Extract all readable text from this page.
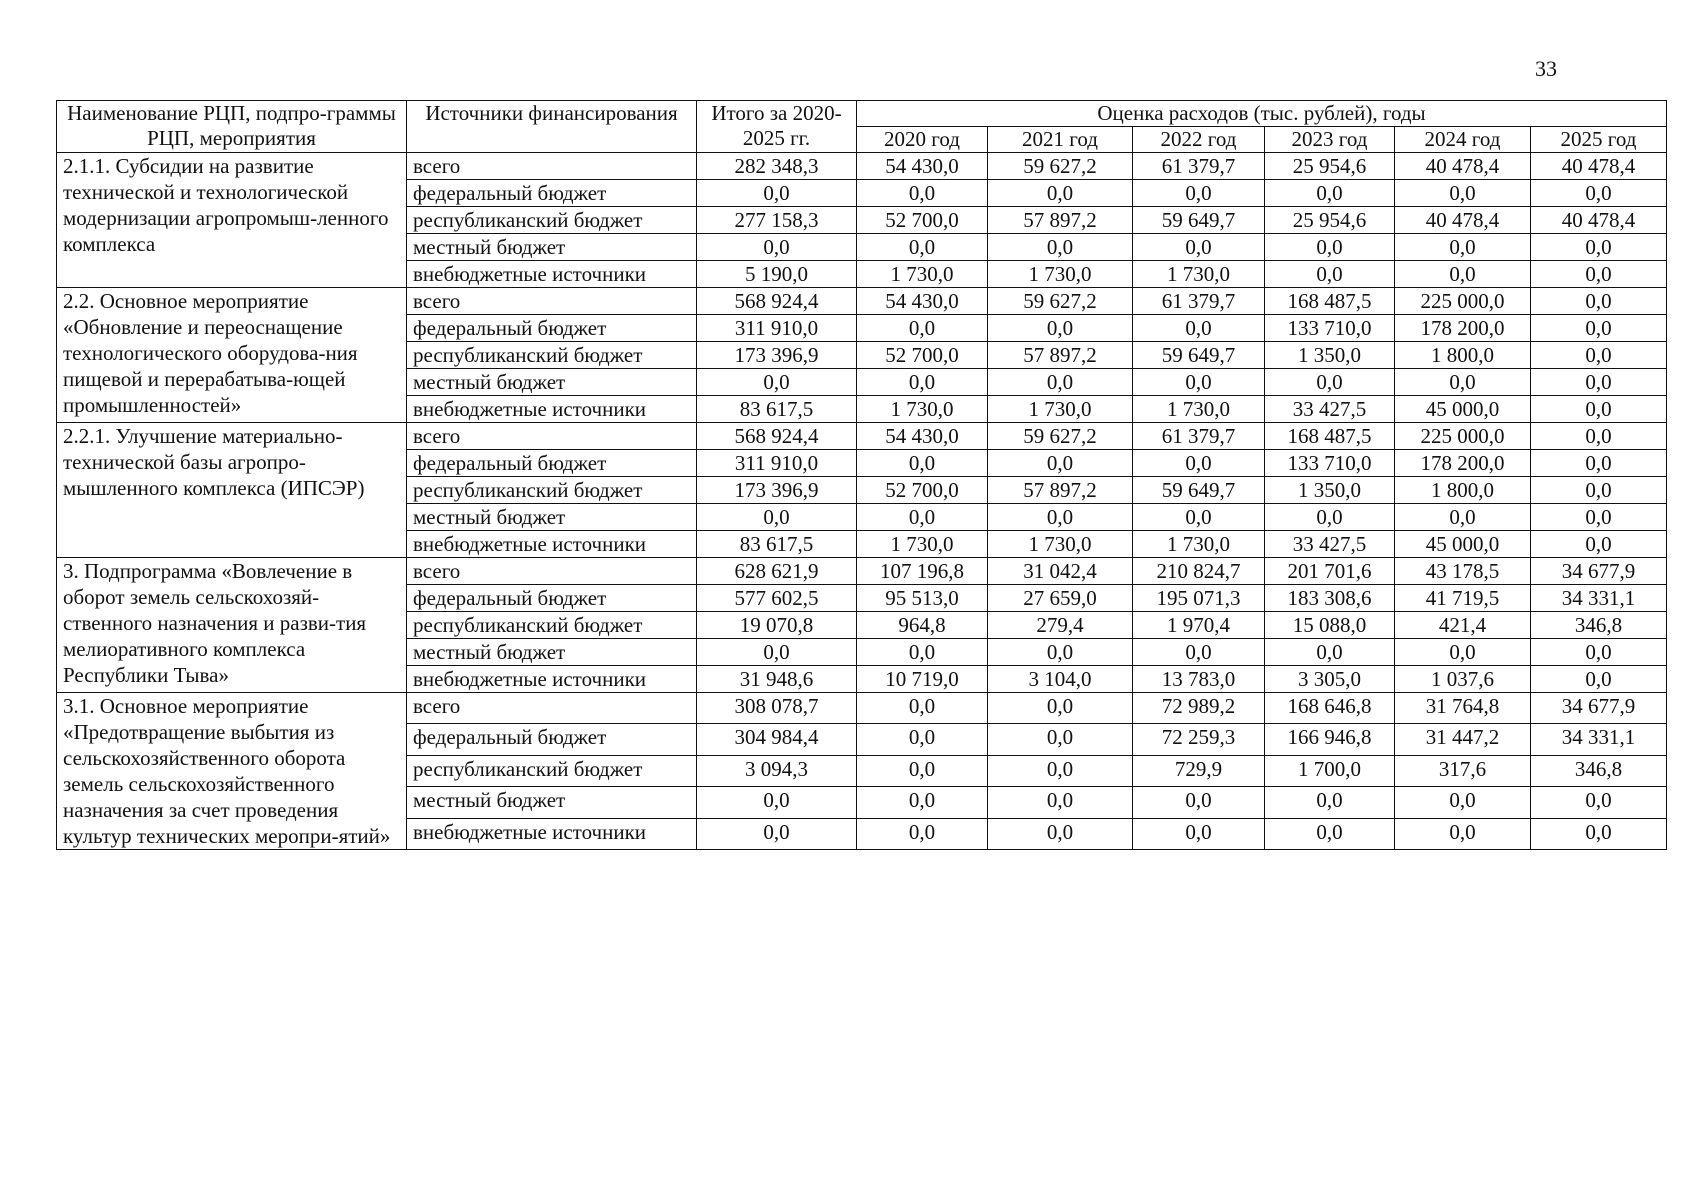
33
Наименование РЦП, подпро-граммы РЦП, мероприятия	Источники финансирования	Итого за 2020-2025 гг.	Оценка расходов (тыс. рублей), годы					
			2020 год	2021 год	2022 год	2023 год	2024 год	2025 год
2.1.1. Субсидии на развитие технической и технологической модернизации агропромыш-ленного комплекса	всего	282 348,3	54 430,0	59 627,2	61 379,7	25 954,6	40 478,4	40 478,4
	федеральный бюджет	0,0	0,0	0,0	0,0	0,0	0,0	0,0
	республиканский бюджет	277 158,3	52 700,0	57 897,2	59 649,7	25 954,6	40 478,4	40 478,4
	местный бюджет	0,0	0,0	0,0	0,0	0,0	0,0	0,0
	внебюджетные источники	5 190,0	1 730,0	1 730,0	1 730,0	0,0	0,0	0,0
2.2. Основное мероприятие «Обновление и переоснащение технологического оборудова-ния пищевой и перерабатыва-ющей промышленностей»	всего	568 924,4	54 430,0	59 627,2	61 379,7	168 487,5	225 000,0	0,0
	федеральный бюджет	311 910,0	0,0	0,0	0,0	133 710,0	178 200,0	0,0
	республиканский бюджет	173 396,9	52 700,0	57 897,2	59 649,7	1 350,0	1 800,0	0,0
	местный бюджет	0,0	0,0	0,0	0,0	0,0	0,0	0,0
	внебюджетные источники	83 617,5	1 730,0	1 730,0	1 730,0	33 427,5	45 000,0	0,0
2.2.1. Улучшение материально-технической базы агропро-мышленного комплекса (ИПСЭР)	всего	568 924,4	54 430,0	59 627,2	61 379,7	168 487,5	225 000,0	0,0
	федеральный бюджет	311 910,0	0,0	0,0	0,0	133 710,0	178 200,0	0,0
	республиканский бюджет	173 396,9	52 700,0	57 897,2	59 649,7	1 350,0	1 800,0	0,0
	местный бюджет	0,0	0,0	0,0	0,0	0,0	0,0	0,0
	внебюджетные источники	83 617,5	1 730,0	1 730,0	1 730,0	33 427,5	45 000,0	0,0
3. Подпрограмма «Вовлечение в оборот земель сельскохозяй-ственного назначения и разви-тия мелиоративного комплекса Республики Тыва»	всего	628 621,9	107 196,8	31 042,4	210 824,7	201 701,6	43 178,5	34 677,9
	федеральный бюджет	577 602,5	95 513,0	27 659,0	195 071,3	183 308,6	41 719,5	34 331,1
	республиканский бюджет	19 070,8	964,8	279,4	1 970,4	15 088,0	421,4	346,8
	местный бюджет	0,0	0,0	0,0	0,0	0,0	0,0	0,0
	внебюджетные источники	31 948,6	10 719,0	3 104,0	13 783,0	3 305,0	1 037,6	0,0
3.1. Основное мероприятие «Предотвращение выбытия из сельскохозяйственного оборота земель сельскохозяйственного назначения за счет проведения культур технических меропри-ятий»	всего	308 078,7	0,0	0,0	72 989,2	168 646,8	31 764,8	34 677,9
	федеральный бюджет	304 984,4	0,0	0,0	72 259,3	166 946,8	31 447,2	34 331,1
	республиканский бюджет	3 094,3	0,0	0,0	729,9	1 700,0	317,6	346,8
	местный бюджет	0,0	0,0	0,0	0,0	0,0	0,0	0,0
	внебюджетные источники	0,0	0,0	0,0	0,0	0,0	0,0	0,0
